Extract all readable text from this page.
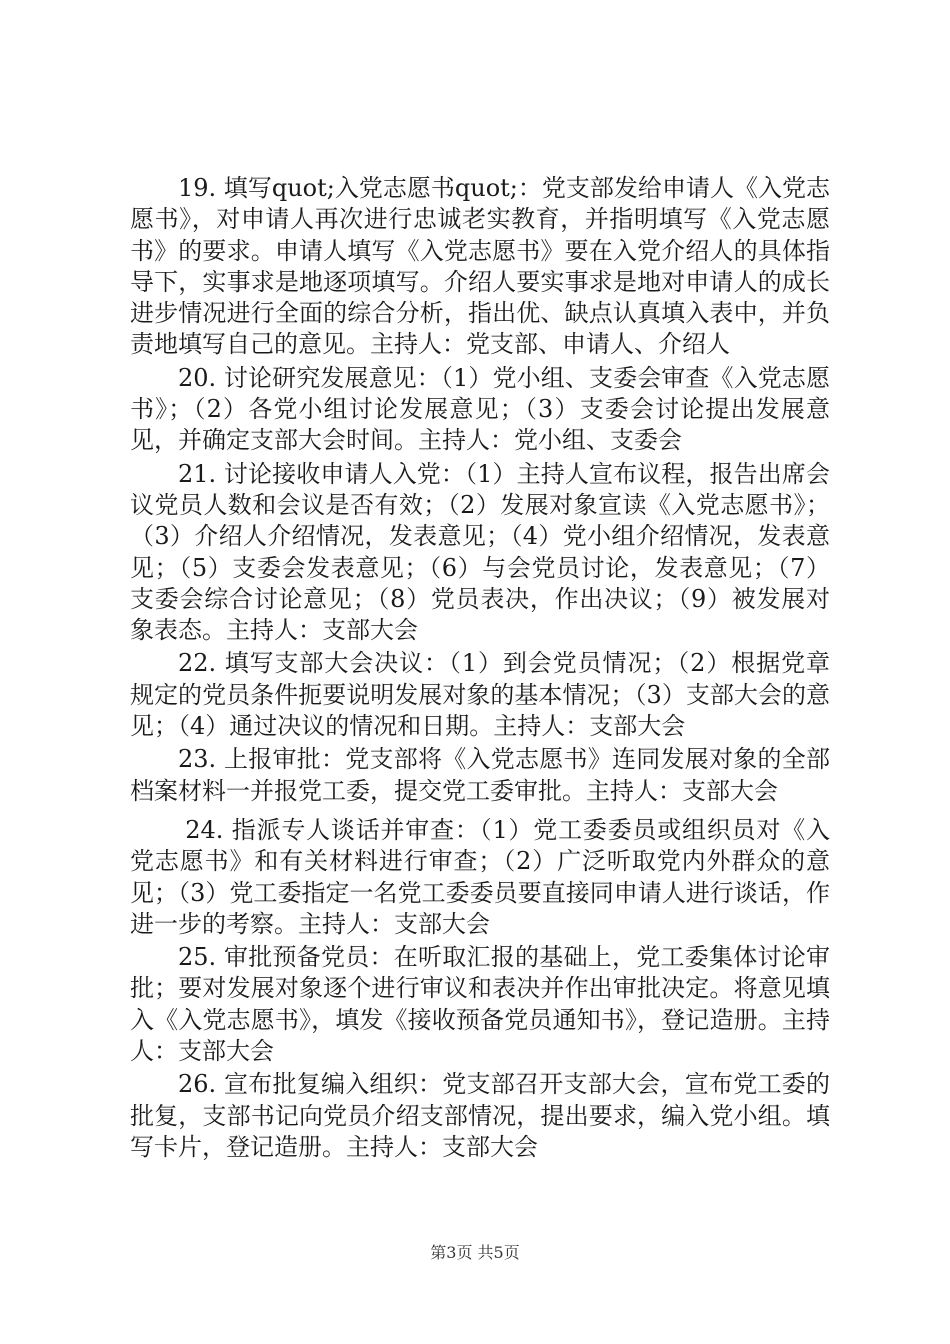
19. 填写quot;入党志愿书quot;：党支部发给申请人《入党志愿书》，对申请人再次进行忠诚老实教育，并指明填写《入党志愿书》的要求。申请人填写《入党志愿书》要在入党介绍人的具体指导下，实事求是地逐项填写。介绍人要实事求是地对申请人的成长进步情况进行全面的综合分析，指出优、缺点认真填入表中，并负责地填写自己的意见。主持人：党支部、申请人、介绍人

20. 讨论研究发展意见：（1）党小组、支委会审查《入党志愿书》；（2）各党小组讨论发展意见；（3）支委会讨论提出发展意见，并确定支部大会时间。主持人：党小组、支委会

21. 讨论接收申请人入党：（1）主持人宣布议程，报告出席会议党员人数和会议是否有效；（2）发展对象宣读《入党志愿书》；（3）介绍人介绍情况，发表意见；（4）党小组介绍情况，发表意见；（5）支委会发表意见；（6）与会党员讨论，发表意见；（7）支委会综合讨论意见；（8）党员表决，作出决议；（9）被发展对象表态。主持人：支部大会

22. 填写支部大会决议：（1）到会党员情况；（2）根据党章规定的党员条件扼要说明发展对象的基本情况；（3）支部大会的意见；（4）通过决议的情况和日期。主持人：支部大会

23. 上报审批：党支部将《入党志愿书》连同发展对象的全部档案材料一并报党工委，提交党工委审批。主持人：支部大会

24. 指派专人谈话并审查：（1）党工委委员或组织员对《入党志愿书》和有关材料进行审查；（2）广泛听取党内外群众的意见；（3）党工委指定一名党工委委员要直接同申请人进行谈话，作进一步的考察。主持人：支部大会

25. 审批预备党员：在听取汇报的基础上，党工委集体讨论审批；要对发展对象逐个进行审议和表决并作出审批决定。将意见填入《入党志愿书》，填发《接收预备党员通知书》，登记造册。主持人：支部大会

26. 宣布批复编入组织：党支部召开支部大会，宣布党工委的批复，支部书记向党员介绍支部情况，提出要求，编入党小组。填写卡片，登记造册。主持人：支部大会

第3页 共5页
